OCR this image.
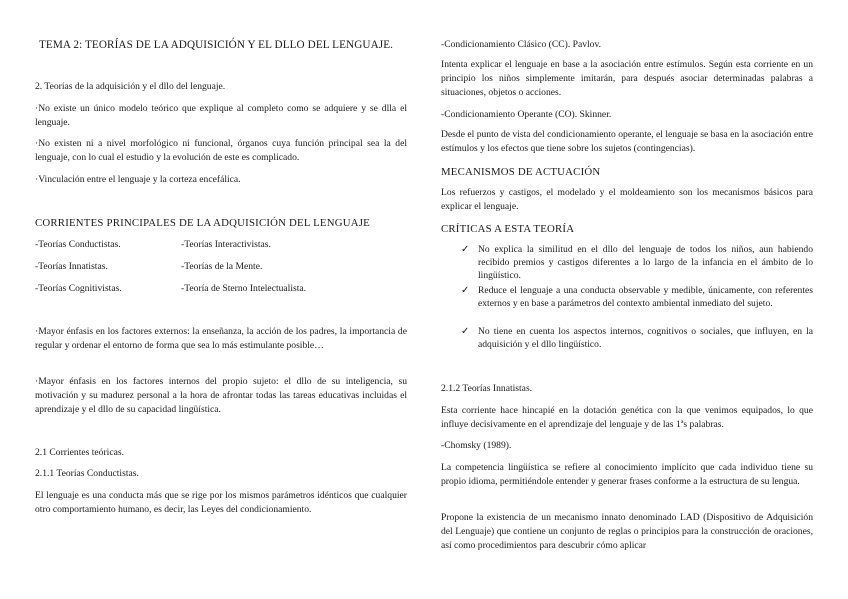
TEMA 2: TEORÍAS DE LA ADQUISICIÓN Y EL DLLO DEL LENGUAJE.

2. Teorías de la adquisición y el dllo del lenguaje.

·No existe un único modelo teórico que explique al completo como se adquiere y se dlla el lenguaje.

·No existen ni a nivel morfológico ni funcional, órganos cuya función principal sea la del lenguaje, con lo cual el estudio y la evolución de este es complicado.

·Vinculación entre el lenguaje y la corteza encefálica.

CORRIENTES PRINCIPALES DE LA ADQUISICIÓN DEL LENGUAJE

-Teorías Conductistas.	-Teorías Interactivistas.
-Teorías Innatistas.	-Teorías de la Mente.
-Teorías Cognitivistas.	-Teoría de Sterno Intelectualista.

·Mayor énfasis en los factores externos: la enseñanza, la acción de los padres, la importancia de regular y ordenar el entorno de forma que sea lo más estimulante posible…

·Mayor énfasis en los factores internos del propio sujeto: el dllo de su inteligencia, su motivación y su madurez personal a la hora de afrontar todas las tareas educativas incluidas el aprendizaje y el dllo de su capacidad lingüística.

2.1 Corrientes teóricas.

2.1.1 Teorías Conductistas.

El lenguaje es una conducta más que se rige por los mismos parámetros idénticos que cualquier otro comportamiento humano, es decir, las Leyes del condicionamiento.

-Condicionamiento Clásico (CC). Pavlov.

Intenta explicar el lenguaje en base a la asociación entre estímulos. Según esta corriente en un principio los niños simplemente imitarán, para después asociar determinadas palabras a situaciones, objetos o acciones.

-Condicionamiento Operante (CO). Skinner.

Desde el punto de vista del condicionamiento operante, el lenguaje se basa en la asociación entre estímulos y los efectos que tiene sobre los sujetos (contingencias).

MECANISMOS DE ACTUACIÓN

Los refuerzos y castigos, el modelado y el moldeamiento son los mecanismos básicos para explicar el lenguaje.

CRÍTICAS A ESTA TEORÍA

✓ No explica la similitud en el dllo del lenguaje de todos los niños, aun habiendo recibido premios y castigos diferentes a lo largo de la infancia en el ámbito de lo lingüístico.
✓ Reduce el lenguaje a una conducta observable y medible, únicamente, con referentes externos y en base a parámetros del contexto ambiental inmediato del sujeto.
✓ No tiene en cuenta los aspectos internos, cognitivos o sociales, que influyen, en la adquisición y el dllo lingüístico.

2.1.2 Teorías Innatistas.

Esta corriente hace hincapié en la dotación genética con la que venimos equipados, lo que influye decisivamente en el aprendizaje del lenguaje y de las 1ªs palabras.

-Chomsky (1989).

La competencia lingüística se refiere al conocimiento implícito que cada individuo tiene su propio idioma, permitiéndole entender y generar frases conforme a la estructura de su lengua.

Propone la existencia de un mecanismo innato denominado LAD (Dispositivo de Adquisición del Lenguaje) que contiene un conjunto de reglas o principios para la construcción de oraciones, así como procedimientos para descubrir cómo aplicar
